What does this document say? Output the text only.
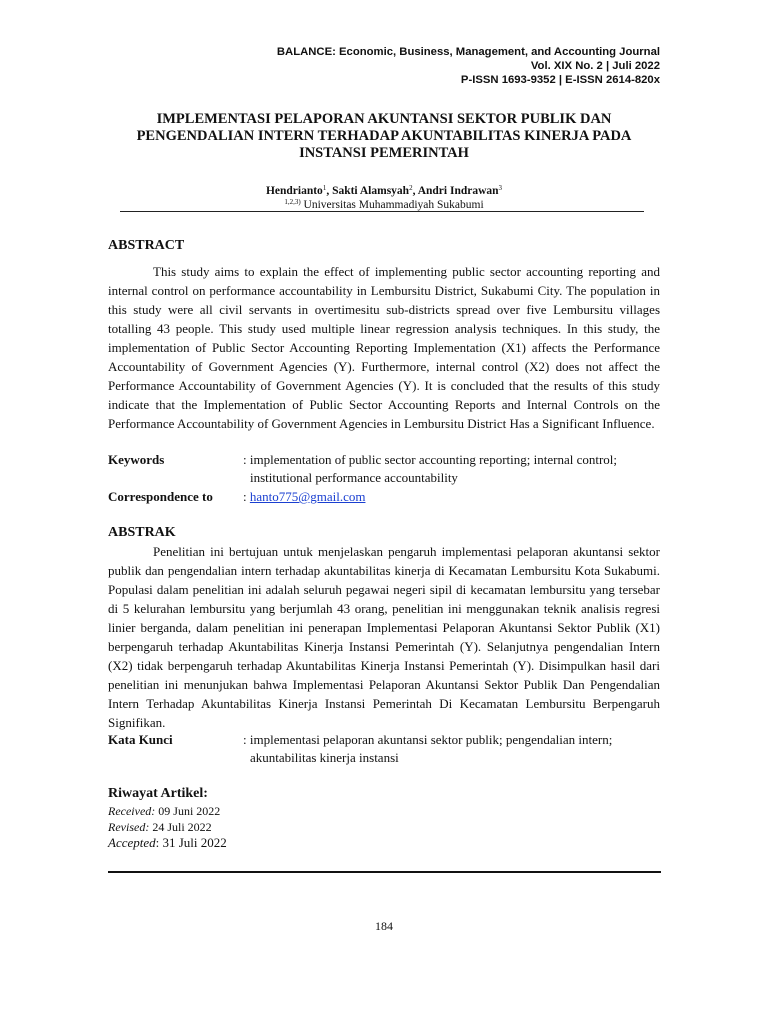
BALANCE: Economic, Business, Management, and Accounting Journal
Vol. XIX No. 2 | Juli 2022
P-ISSN 1693-9352 | E-ISSN 2614-820x
IMPLEMENTASI PELAPORAN AKUNTANSI SEKTOR PUBLIK DAN
PENGENDALIAN INTERN TERHADAP AKUNTABILITAS KINERJA PADA
INSTANSI PEMERINTAH
Hendrianto$^1$, Sakti Alamsyah$^2$, Andri Indrawan$^3$
$^{1,2,3)}$ Universitas Muhammadiyah Sukabumi
ABSTRACT

This study aims to explain the effect of implementing public sector accounting reporting and internal control on performance accountability in Lembursitu District, Sukabumi City. The population in this study were all civil servants in overtimesitu sub-districts spread over five Lembursitu villages totalling 43 people. This study used multiple linear regression analysis techniques. In this study, the implementation of Public Sector Accounting Reporting Implementation (X1) affects the Performance Accountability of Government Agencies (Y). Furthermore, internal control (X2) does not affect the Performance Accountability of Government Agencies (Y). It is concluded that the results of this study indicate that the Implementation of Public Sector Accounting Reports and Internal Controls on the Performance Accountability of Government Agencies in Lembursitu District Has a Significant Influence.

Keywords	: implementation of public sector accounting reporting; internal control;
institutional performance accountability
Correspondence to : hanto775@gmail.com
ABSTRAK

Penelitian ini bertujuan untuk menjelaskan pengaruh implementasi pelaporan akuntansi sektor publik dan pengendalian intern terhadap akuntabilitas kinerja di Kecamatan Lembursitu Kota Sukabumi. Populasi dalam penelitian ini adalah seluruh pegawai negeri sipil di kecamatan lembursitu yang tersebar di 5 kelurahan lembursitu yang berjumlah 43 orang, penelitian ini menggunakan teknik analisis regresi linier berganda, dalam penelitian ini penerapan Implementasi Pelaporan Akuntansi Sektor Publik (X1) berpengaruh terhadap Akuntabilitas Kinerja Instansi Pemerintah (Y). Selanjutnya pengendalian Intern (X2) tidak berpengaruh terhadap Akuntabilitas Kinerja Instansi Pemerintah (Y). Disimpulkan hasil dari penelitian ini menunjukan bahwa Implementasi Pelaporan Akuntansi Sektor Publik Dan Pengendalian Intern Terhadap Akuntabilitas Kinerja Instansi Pemerintah Di Kecamatan Lembursitu Berpengaruh Signifikan.

Kata Kunci	: implementasi pelaporan akuntansi sektor publik; pengendalian intern;
akuntabilitas kinerja instansi
Riwayat Artikel:
Received: 09 Juni 2022
Revised: 24 Juli 2022
Accepted: 31 Juli 2022
184
